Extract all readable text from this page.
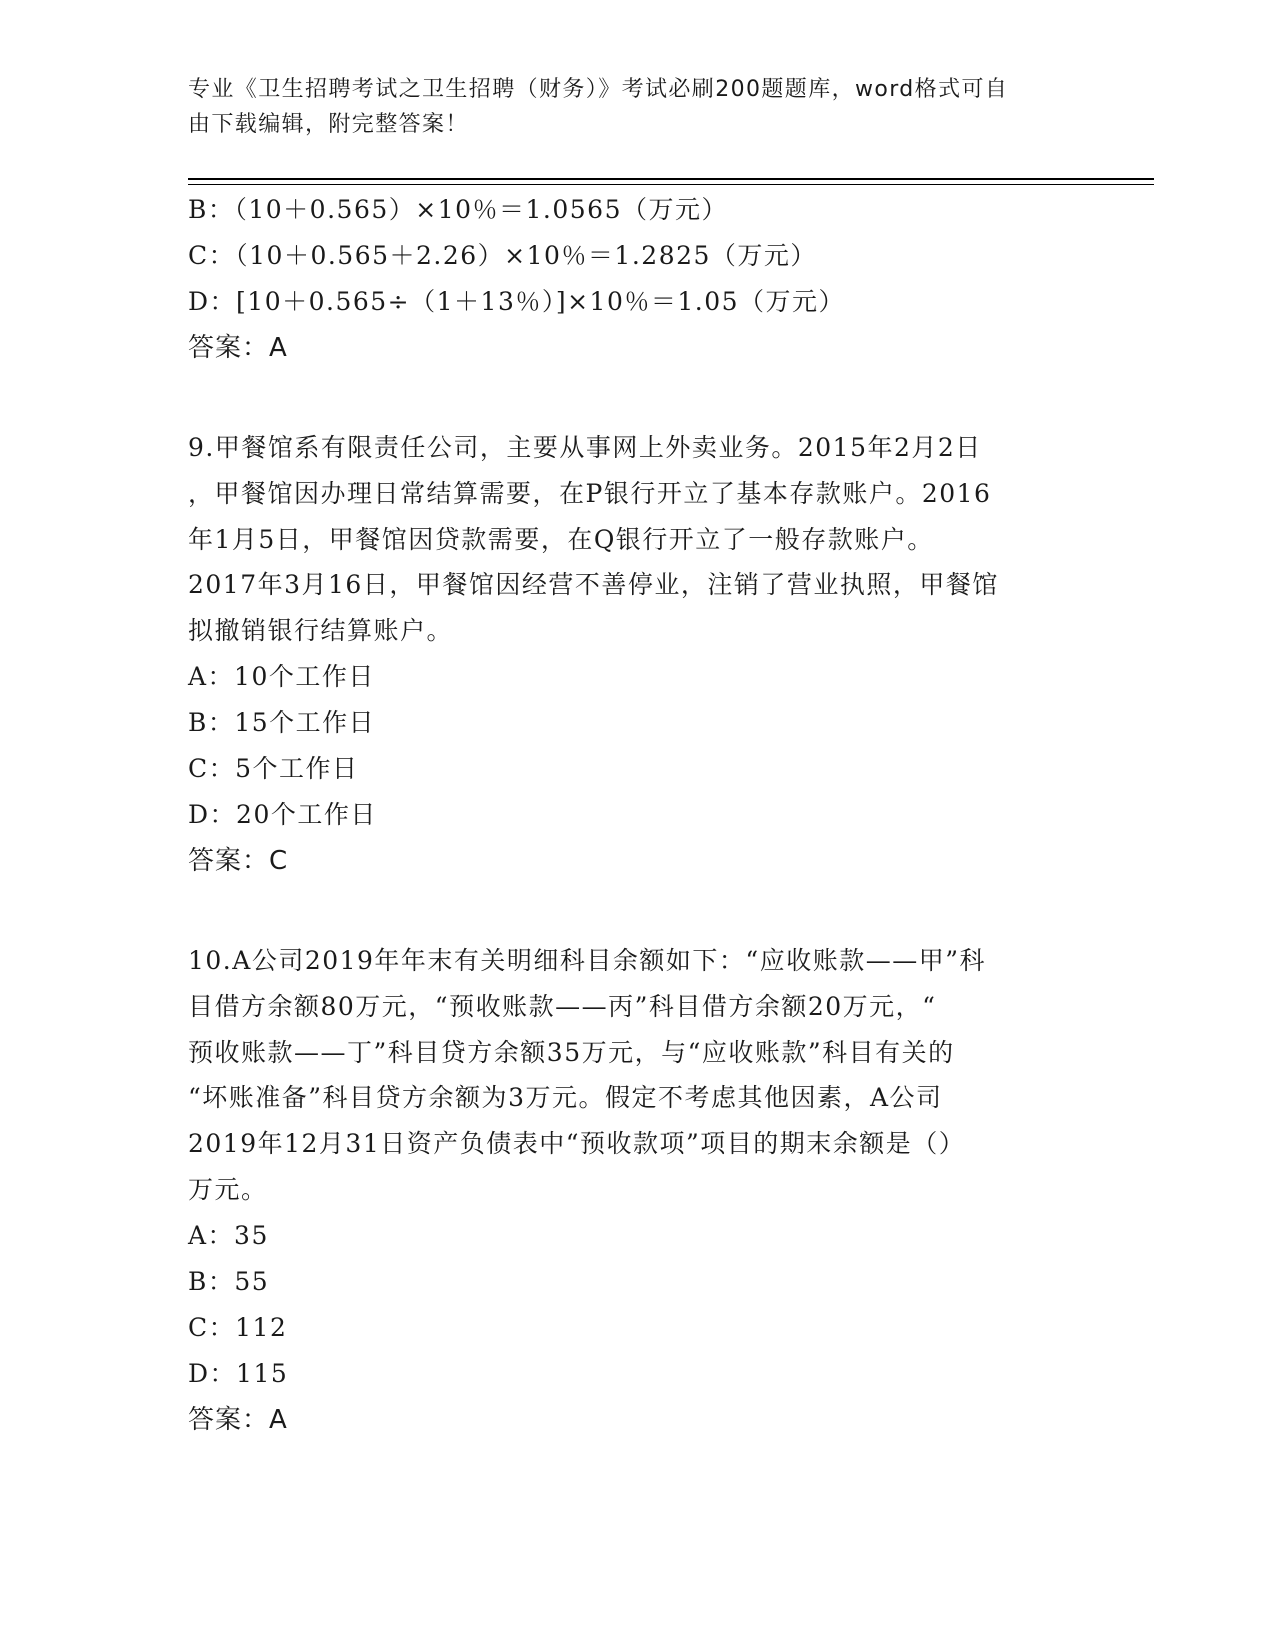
专业《卫生招聘考试之卫生招聘（财务）》考试必刷200题题库，word格式可自
由下载编辑，附完整答案！
B：（10＋0.565）×10％＝1.0565（万元）
C：（10＋0.565＋2.26）×10％＝1.2825（万元）
D：[10＋0.565÷（1＋13％）]×10％＝1.05（万元）
答案：A
9.甲餐馆系有限责任公司，主要从事网上外卖业务。2015年2月2日
，甲餐馆因办理日常结算需要，在P银行开立了基本存款账户。2016
年1月5日，甲餐馆因贷款需要，在Q银行开立了一般存款账户。
2017年3月16日，甲餐馆因经营不善停业，注销了营业执照，甲餐馆
拟撤销银行结算账户。
A：10个工作日
B：15个工作日
C：5个工作日
D：20个工作日
答案：C
10.A公司2019年年末有关明细科目余额如下：“应收账款——甲”科
目借方余额80万元，“预收账款——丙”科目借方余额20万元，“
预收账款——丁”科目贷方余额35万元，与“应收账款”科目有关的
“坏账准备”科目贷方余额为3万元。假定不考虑其他因素，A公司
2019年12月31日资产负债表中“预收款项”项目的期末余额是（）
万元。
A：35
B：55
C：112
D：115
答案：A
